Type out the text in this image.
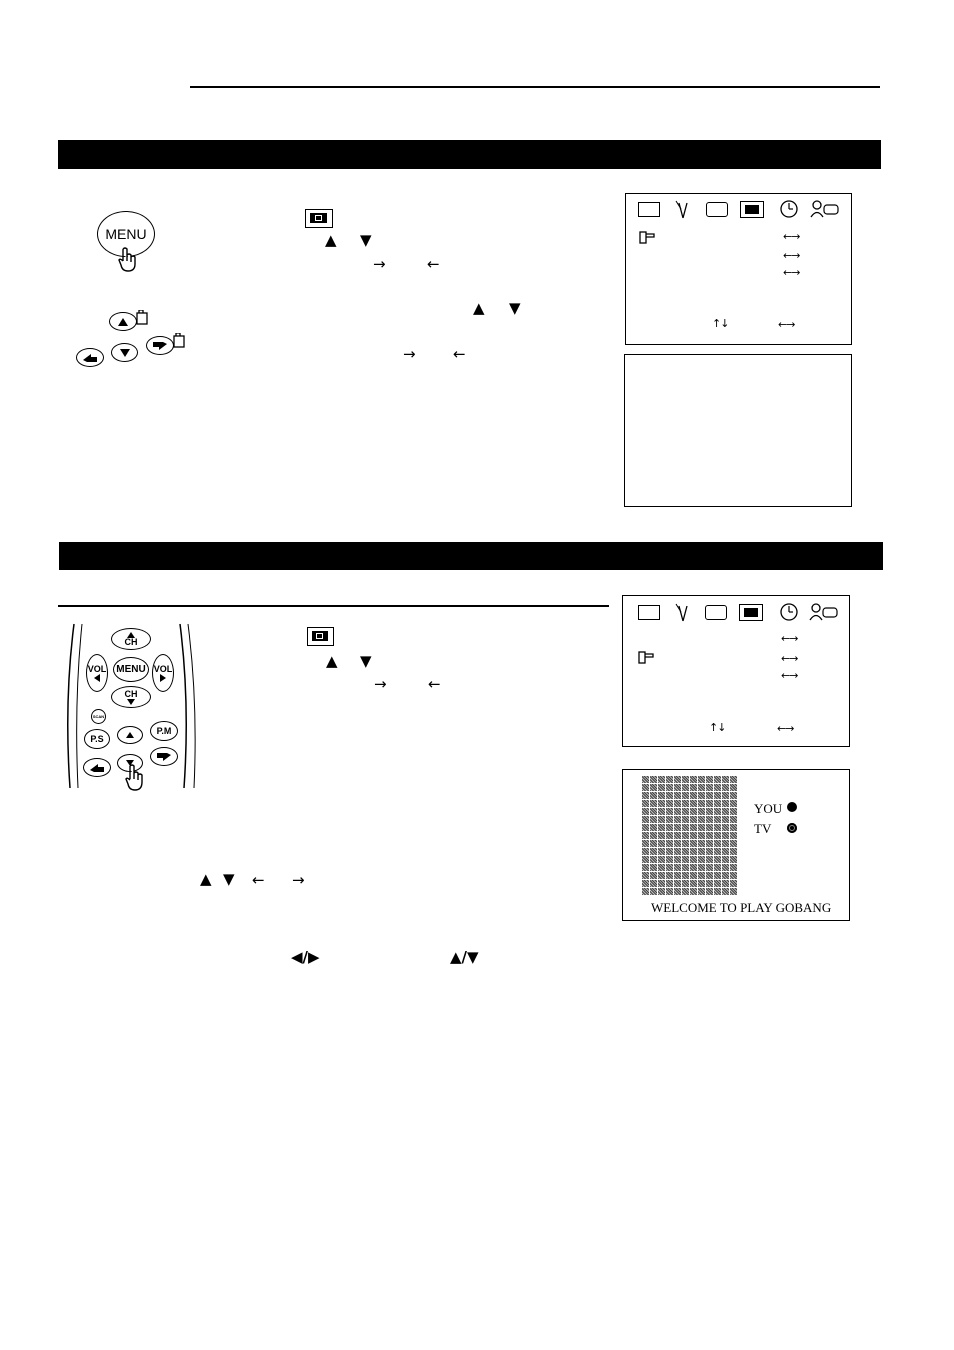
MENU	▲ ▼
→	←
▲ ▼
→ ←
←→
←→
←→
↑↓	←→
CH
VOL MENU VOL
CH
SCAN
P.S
P.M
▲ ▼
→	←
▲ ▼ ← →
◀/▶	▲/▼
←→
←→
←→
↑↓	←→
YOU
TV
WELCOME TO PLAY GOBANG
